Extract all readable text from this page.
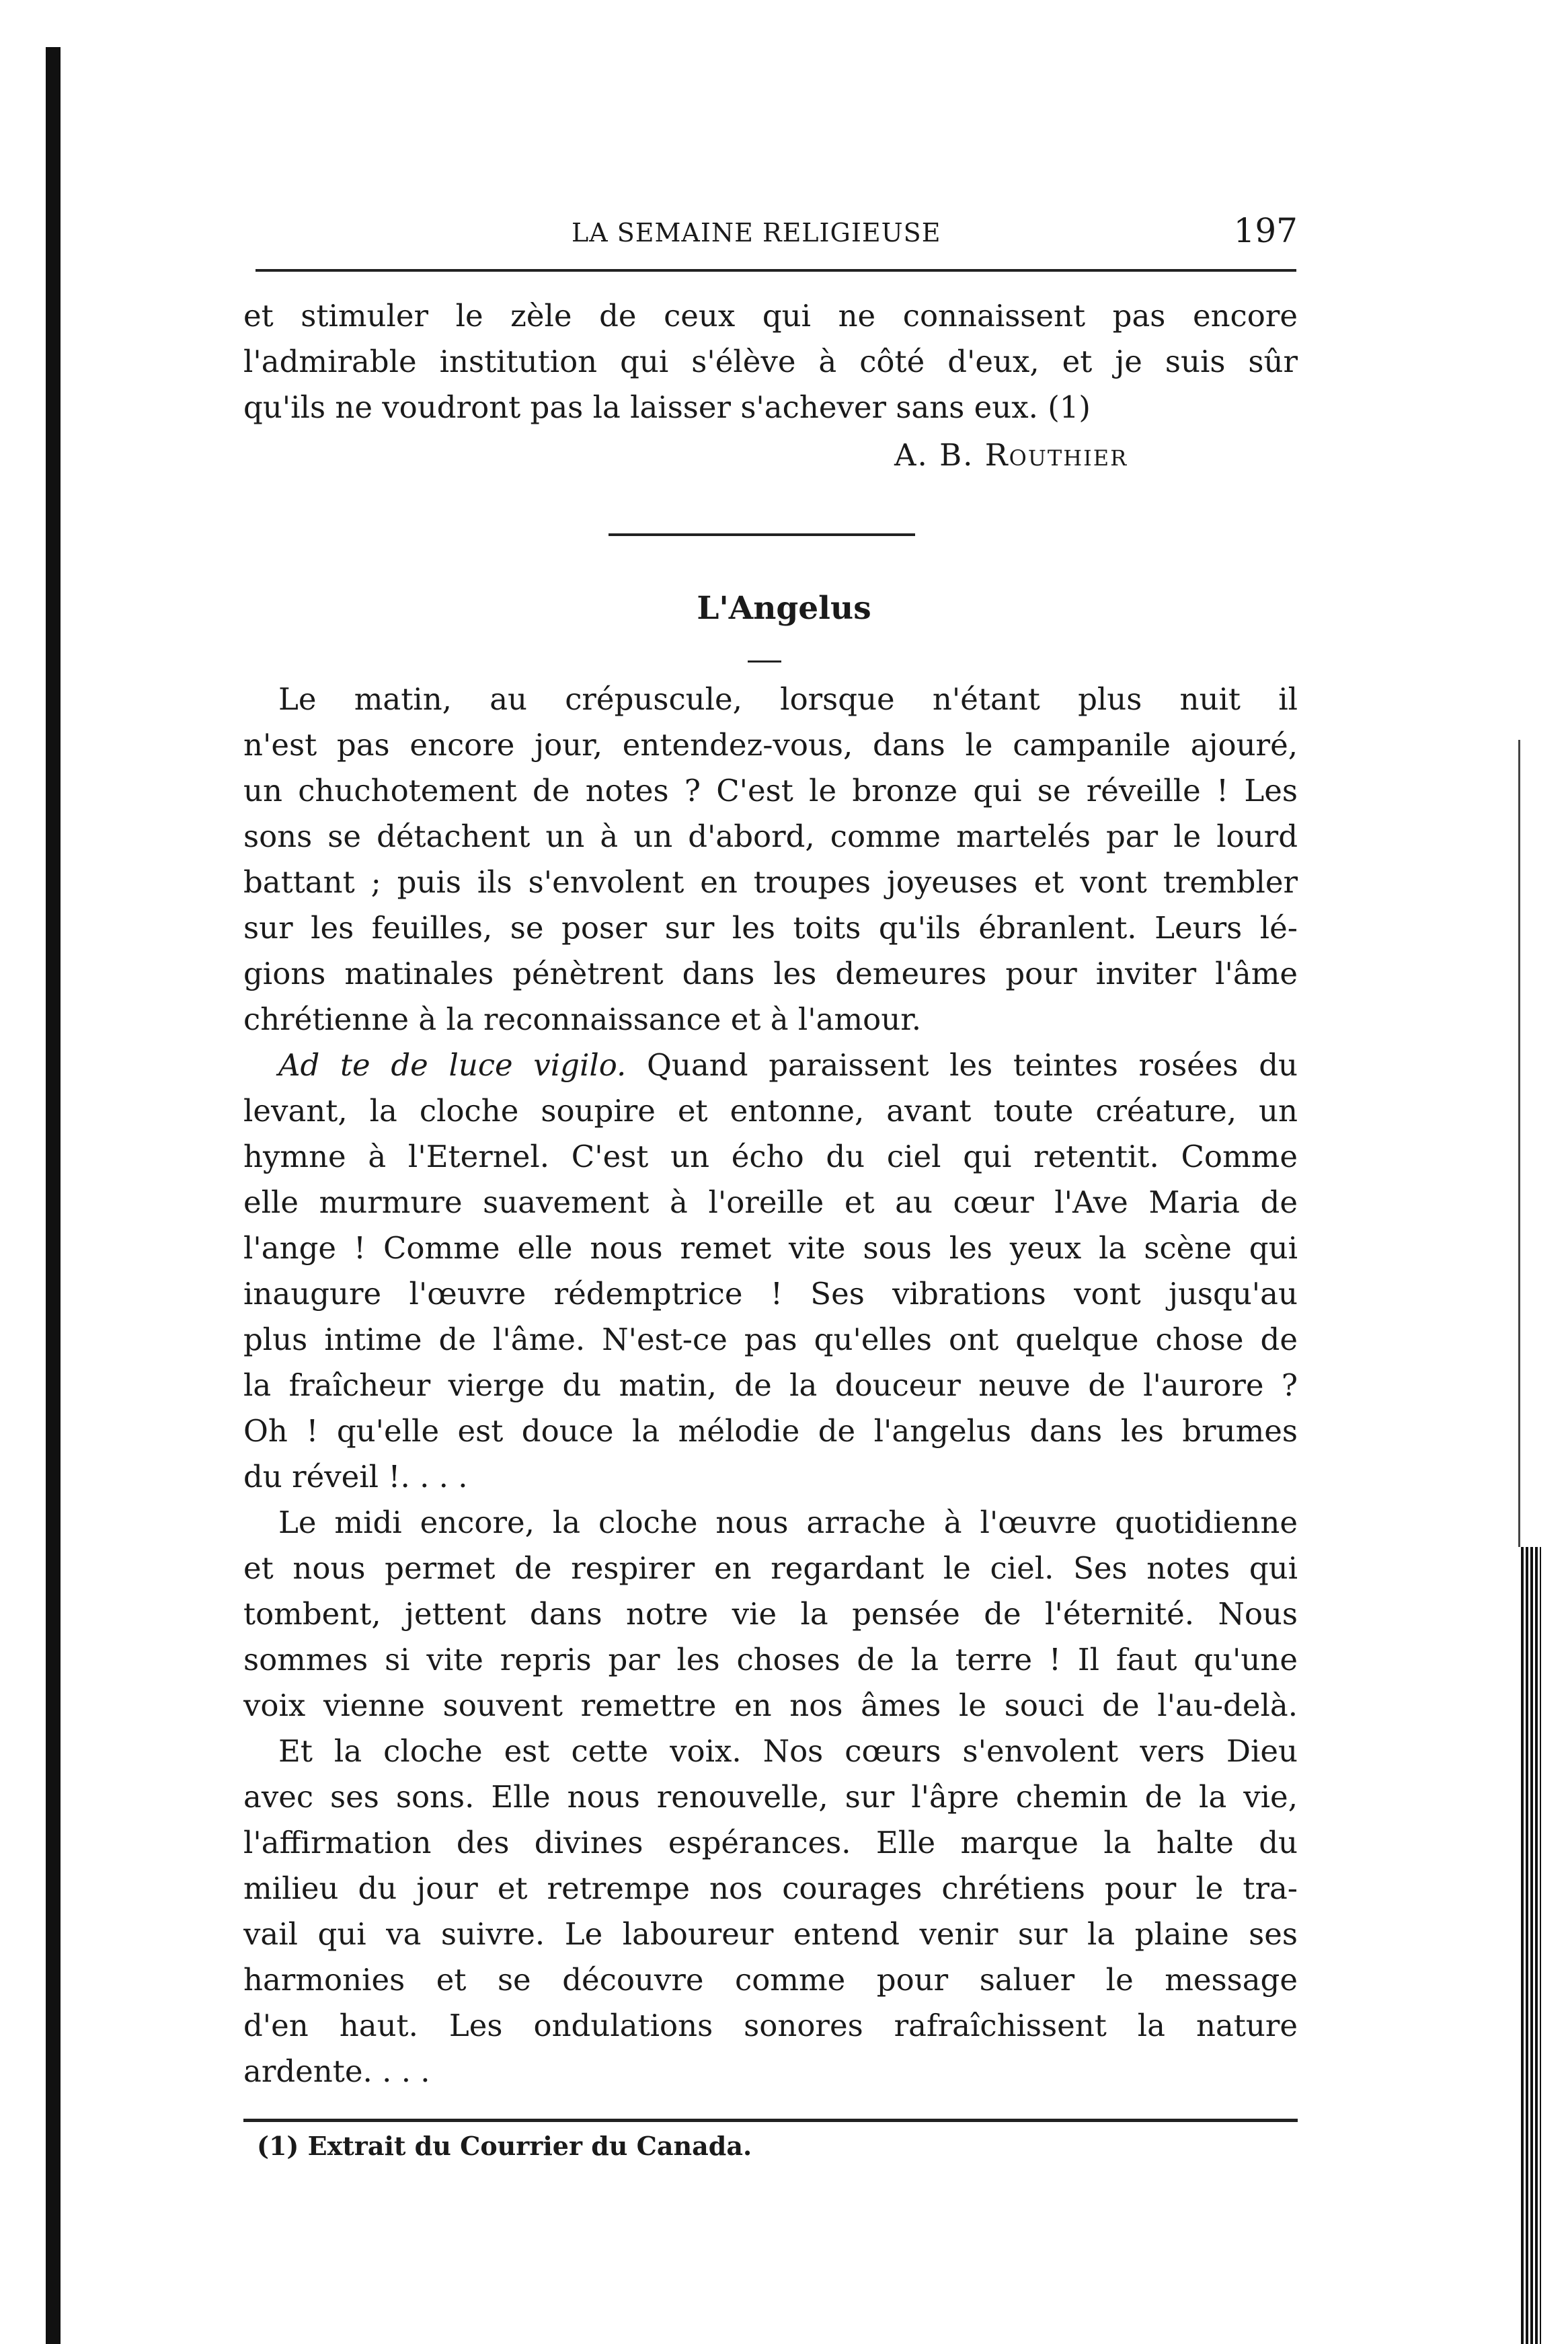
LA SEMAINE RELIGIEUSE	197
et stimuler le zèle de ceux qui ne connaissent pas encore
l'admirable institution qui s'élève à côté d'eux, et je suis sûr
qu'ils ne voudront pas la laisser s'achever sans eux. (1)
A. B. Routhier
L'Angelus
Le matin, au crépuscule, lorsque n'étant plus nuit il
n'est pas encore jour, entendez-vous, dans le campanile ajouré,
un chuchotement de notes ? C'est le bronze qui se réveille ! Les
sons se détachent un à un d'abord, comme martelés par le lourd
battant ; puis ils s'envolent en troupes joyeuses et vont trembler
sur les feuilles, se poser sur les toits qu'ils ébranlent. Leurs lé-
gions matinales pénètrent dans les demeures pour inviter l'âme
chrétienne à la reconnaissance et à l'amour.
Ad te de luce vigilo. Quand paraissent les teintes rosées du
levant, la cloche soupire et entonne, avant toute créature, un
hymne à l'Eternel. C'est un écho du ciel qui retentit. Comme
elle murmure suavement à l'oreille et au cœur l'Ave Maria de
l'ange ! Comme elle nous remet vite sous les yeux la scène qui
inaugure l'œuvre rédemptrice ! Ses vibrations vont jusqu'au
plus intime de l'âme. N'est-ce pas qu'elles ont quelque chose de
la fraîcheur vierge du matin, de la douceur neuve de l'aurore ?
Oh ! qu'elle est douce la mélodie de l'angelus dans les brumes
du réveil !. . . .
Le midi encore, la cloche nous arrache à l'œuvre quotidienne
et nous permet de respirer en regardant le ciel. Ses notes qui
tombent, jettent dans notre vie la pensée de l'éternité. Nous
sommes si vite repris par les choses de la terre ! Il faut qu'une
voix vienne souvent remettre en nos âmes le souci de l'au-delà.
Et la cloche est cette voix. Nos cœurs s'envolent vers Dieu
avec ses sons. Elle nous renouvelle, sur l'âpre chemin de la vie,
l'affirmation des divines espérances. Elle marque la halte du
milieu du jour et retrempe nos courages chrétiens pour le tra-
vail qui va suivre. Le laboureur entend venir sur la plaine ses
harmonies et se découvre comme pour saluer le message
d'en haut. Les ondulations sonores rafraîchissent la nature
ardente. . . .
(1) Extrait du Courrier du Canada.
